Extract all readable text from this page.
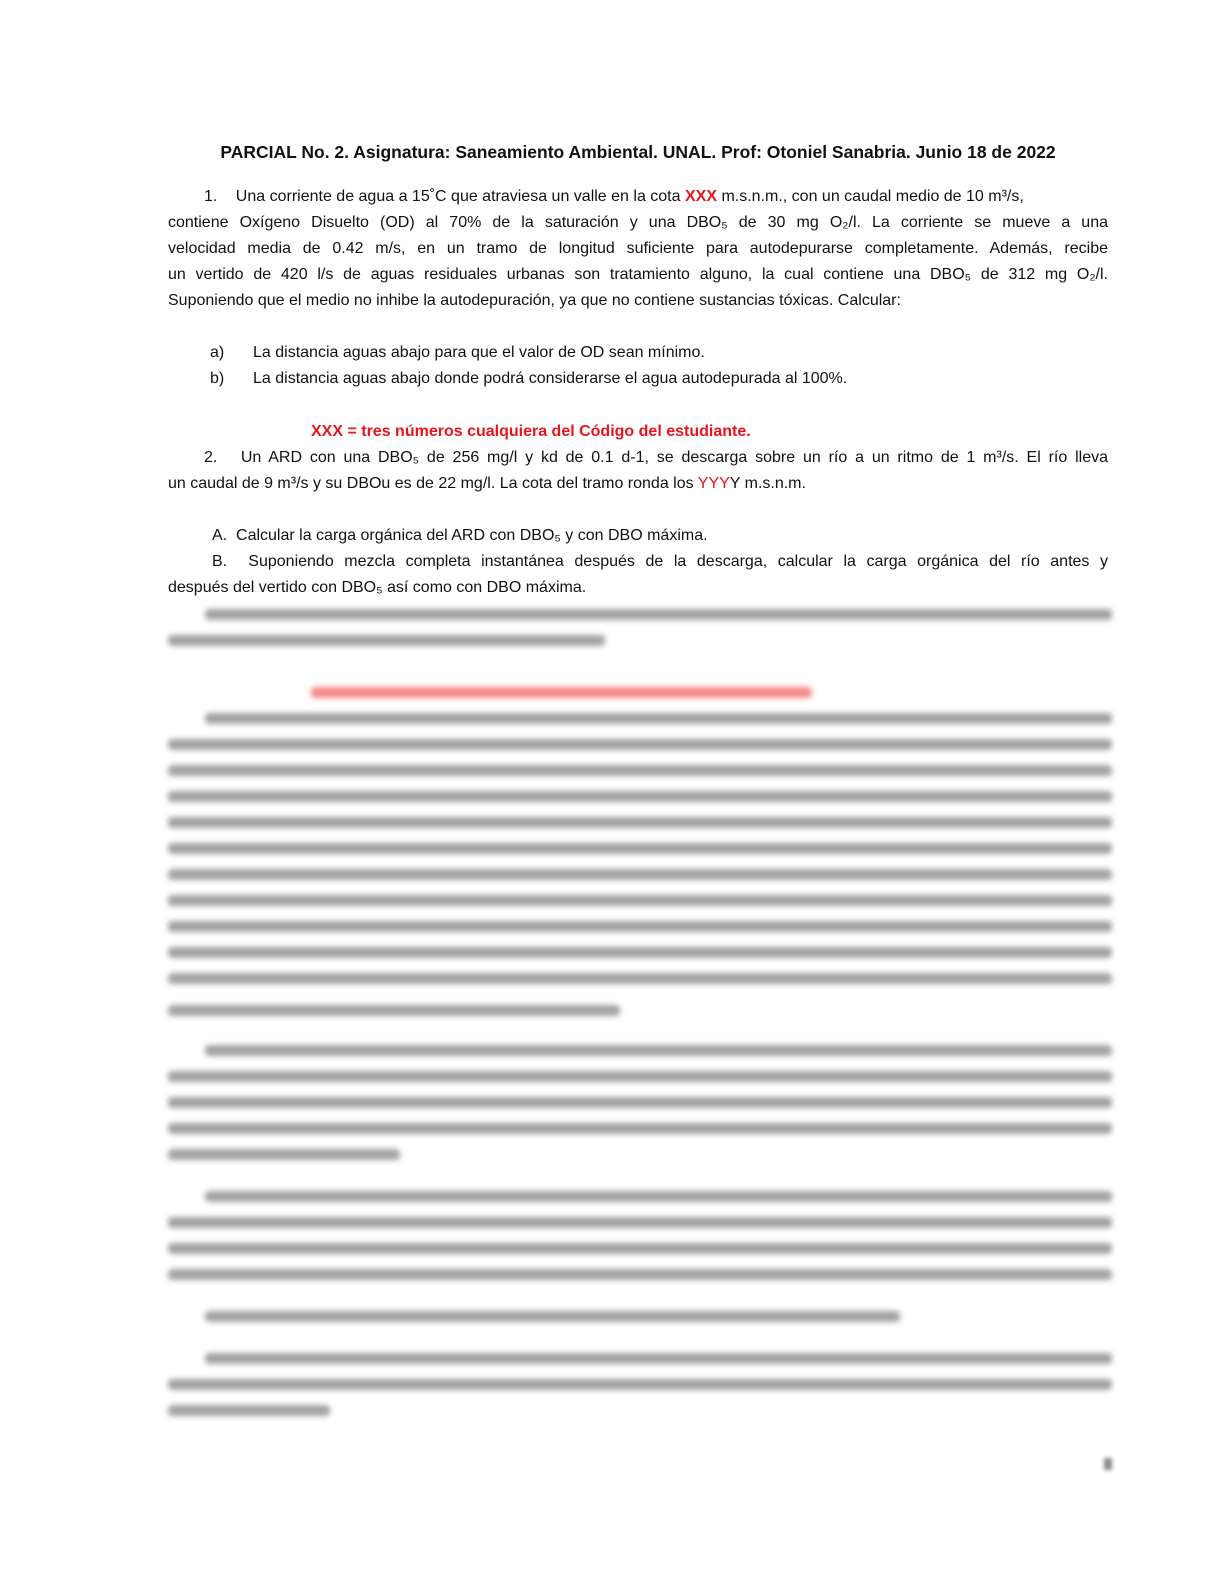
PARCIAL No. 2. Asignatura: Saneamiento Ambiental. UNAL. Prof: Otoniel Sanabria. Junio 18 de 2022
1. Una corriente de agua a 15˚C que atraviesa un valle en la cota XXX m.s.n.m., con un caudal medio de 10 m³/s,
contiene Oxígeno Disuelto (OD) al 70% de la saturación y una DBO₅ de 30 mg O₂/l. La corriente se mueve a una
velocidad media de 0.42 m/s, en un tramo de longitud suficiente para autodepurarse completamente. Además, recibe
un vertido de 420 l/s de aguas residuales urbanas son tratamiento alguno, la cual contiene una DBO₅ de 312 mg O₂/l.
Suponiendo que el medio no inhibe la autodepuración, ya que no contiene sustancias tóxicas. Calcular:
a) La distancia aguas abajo para que el valor de OD sean mínimo.
b) La distancia aguas abajo donde podrá considerarse el agua autodepurada al 100%.
XXX = tres números cualquiera del Código del estudiante.
2. Un ARD con una DBO₅ de 256 mg/l y kd de 0.1 d-1, se descarga sobre un río a un ritmo de 1 m³/s. El río lleva
un caudal de 9 m³/s y su DBOu es de 22 mg/l. La cota del tramo ronda los YYYY m.s.n.m.
A. Calcular la carga orgánica del ARD con DBO₅ y con DBO máxima.
B. Suponiendo mezcla completa instantánea después de la descarga, calcular la carga orgánica del río antes y
después del vertido con DBO₅ así como con DBO máxima.
